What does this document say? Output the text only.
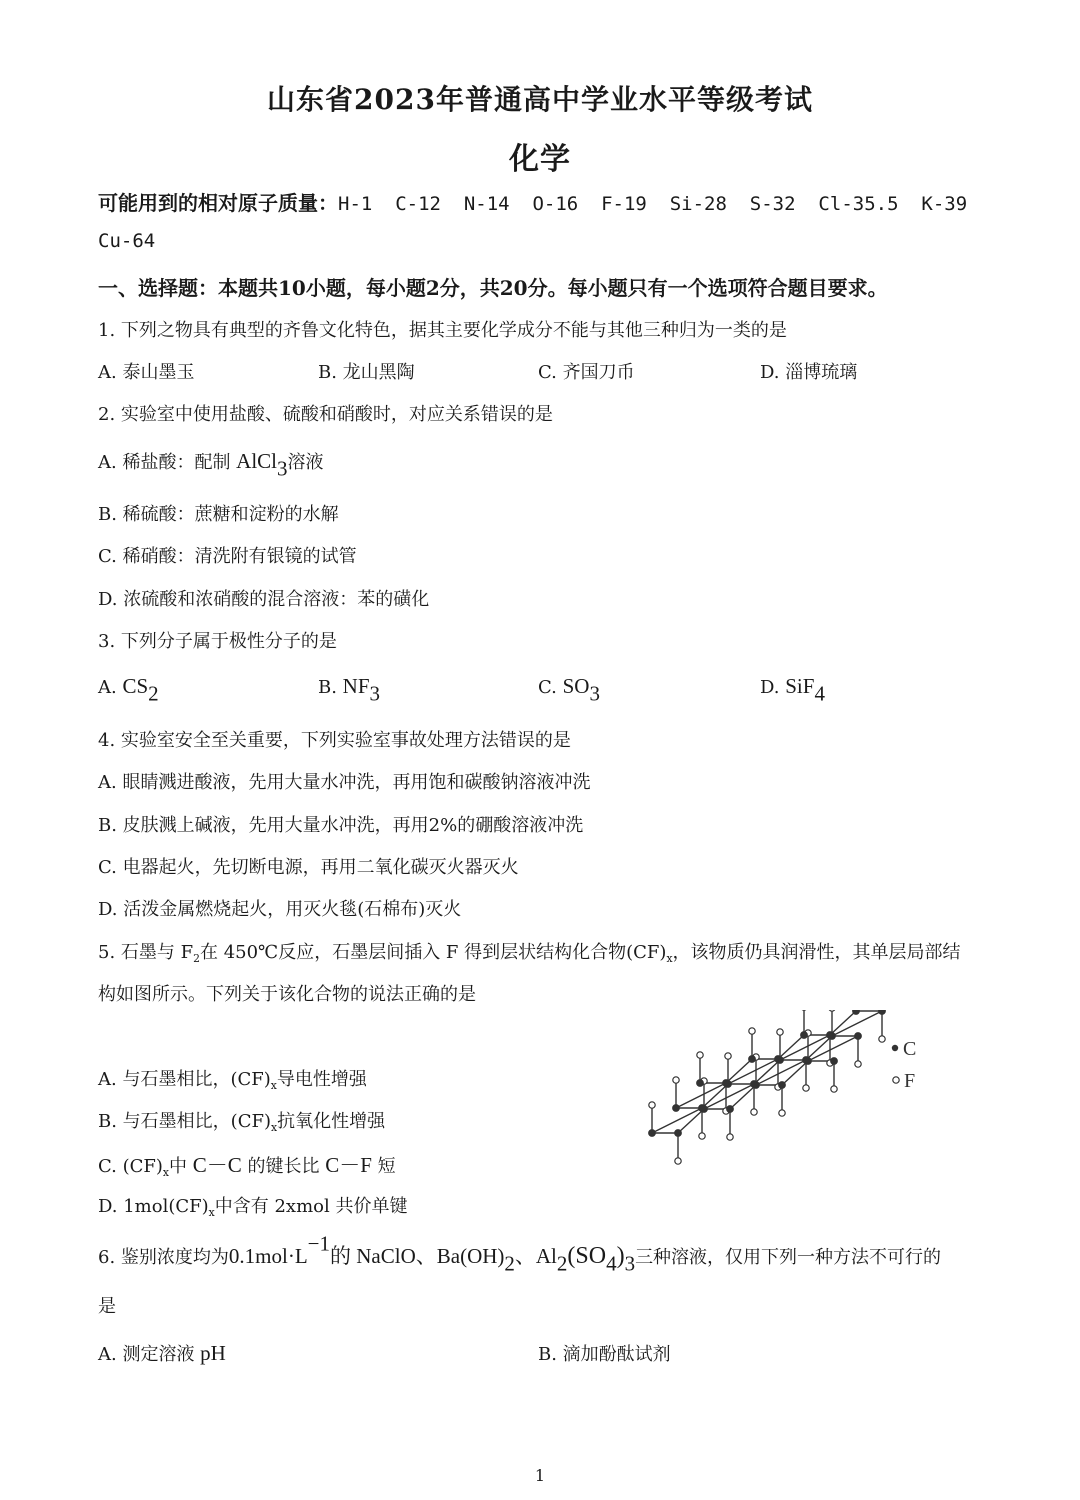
山东省2023年普通高中学业水平等级考试
化学
可能用到的相对原子质量：H-1  C-12  N-14  O-16  F-19  Si-28  S-32  Cl-35.5  K-39
Cu-64
一、选择题：本题共10小题，每小题2分，共20分。每小题只有一个选项符合题目要求。
1. 下列之物具有典型的齐鲁文化特色，据其主要化学成分不能与其他三种归为一类的是
A. 泰山墨玉	B. 龙山黑陶	C. 齐国刀币	D. 淄博琉璃
2. 实验室中使用盐酸、硫酸和硝酸时，对应关系错误的是
A. 稀盐酸：配制 AlCl$_3$溶液
B. 稀硫酸：蔗糖和淀粉的水解
C. 稀硝酸：清洗附有银镜的试管
D. 浓硫酸和浓硝酸的混合溶液：苯的磺化
3. 下列分子属于极性分子的是
A. $CS_2$	B. $NF_3$	C. $SO_3$	D. SiF$_4$
4. 实验室安全至关重要，下列实验室事故处理方法错误的是
A. 眼睛溅进酸液，先用大量水冲洗，再用饱和碳酸钠溶液冲洗
B. 皮肤溅上碱液，先用大量水冲洗，再用2%的硼酸溶液冲洗
C. 电器起火，先切断电源，再用二氧化碳灭火器灭火
D. 活泼金属燃烧起火，用灭火毯(石棉布)灭火
5. 石墨与 $F_2$在 450℃反应，石墨层间插入 F 得到层状结构化合物$(CF)_x$，该物质仍具润滑性，其单层局部结
构如图所示。下列关于该化合物的说法正确的是
A. 与石墨相比，$(CF)_x$导电性增强
B. 与石墨相比，$(CF)_x$抗氧化性增强
C. $(CF)_x$中 C－C 的键长比 C－F 短
D. $1mol(CF)_x$中含有 2xmol 共价单键
C
F
6. 鉴别浓度均为$0.1mol\cdot L^{-1}$的 NaClO、$Ba(OH)_2$、$Al_2(SO_4)_3$三种溶液，仅用下列一种方法不可行的
是
A. 测定溶液 pH	B. 滴加酚酞试剂
1
